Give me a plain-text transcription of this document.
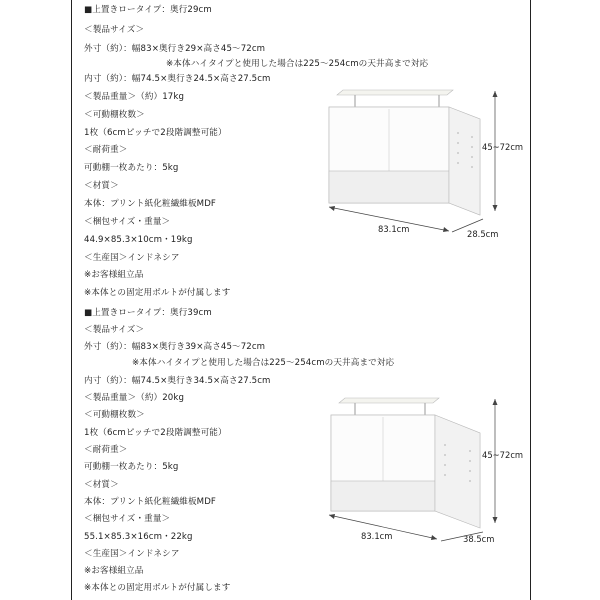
■上置きロータイプ：奥行29cm
＜製品サイズ＞
外寸（約）：幅83×奥行き29×高さ45～72cm
※本体ハイタイプと使用した場合は225～254cmの天井高まで対応
内寸（約）：幅74.5×奥行き24.5×高さ27.5cm
＜製品重量＞（約）17kg
＜可動棚枚数＞
1枚（6cmピッチで2段階調整可能）
＜耐荷重＞
可動棚一枚あたり：5kg
＜材質＞
本体：プリント紙化粧繊維板MDF
＜梱包サイズ・重量＞
44.9×85.3×10cm・19kg
＜生産国＞インドネシア
※お客様組立品
※本体との固定用ボルトが付属します
45~72cm
83.1cm	28.5cm
■上置きロータイプ：奥行39cm
＜製品サイズ＞
外寸（約）：幅83×奥行き39×高さ45～72cm
※本体ハイタイプと使用した場合は225～254cmの天井高まで対応
内寸（約）：幅74.5×奥行き34.5×高さ27.5cm
＜製品重量＞（約）20kg
＜可動棚枚数＞
1枚（6cmピッチで2段階調整可能）
＜耐荷重＞
可動棚一枚あたり：5kg
＜材質＞
本体：プリント紙化粧繊維板MDF
＜梱包サイズ・重量＞
55.1×85.3×16cm・22kg
＜生産国＞インドネシア
※お客様組立品
※本体との固定用ボルトが付属します
45~72cm
83.1cm	38.5cm
